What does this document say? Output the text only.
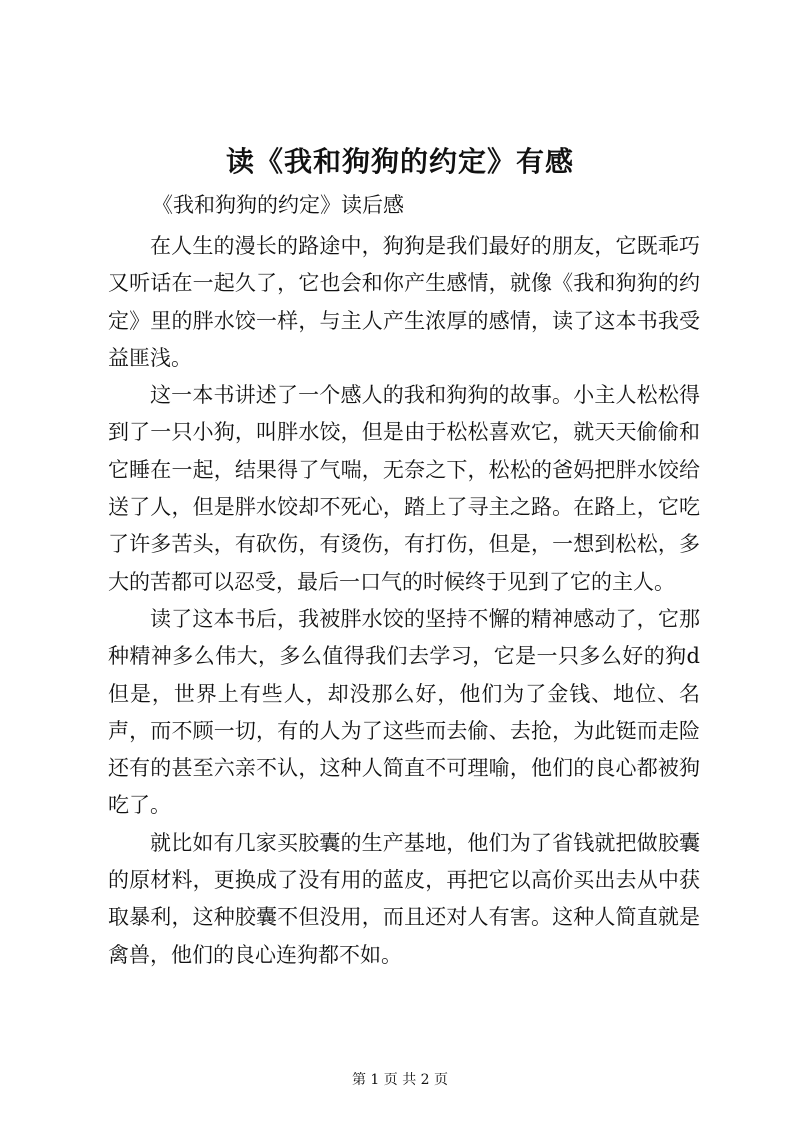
读《我和狗狗的约定》有感
《我和狗狗的约定》读后感

在人生的漫长的路途中，狗狗是我们最好的朋友，它既乖巧又听话在一起久了，它也会和你产生感情，就像《我和狗狗的约定》里的胖水饺一样，与主人产生浓厚的感情，读了这本书我受益匪浅。

这一本书讲述了一个感人的我和狗狗的故事。小主人松松得到了一只小狗，叫胖水饺，但是由于松松喜欢它，就天天偷偷和它睡在一起，结果得了气喘，无奈之下，松松的爸妈把胖水饺给送了人，但是胖水饺却不死心，踏上了寻主之路。在路上，它吃了许多苦头，有砍伤，有烫伤，有打伤，但是，一想到松松，多大的苦都可以忍受，最后一口气的时候终于见到了它的主人。

读了这本书后，我被胖水饺的坚持不懈的精神感动了，它那种精神多么伟大，多么值得我们去学习，它是一只多么好的狗d但是，世界上有些人，却没那么好，他们为了金钱、地位、名声，而不顾一切，有的人为了这些而去偷、去抢，为此铤而走险还有的甚至六亲不认，这种人简直不可理喻，他们的良心都被狗吃了。

就比如有几家买胶囊的生产基地，他们为了省钱就把做胶囊的原材料，更换成了没有用的蓝皮，再把它以高价买出去从中获取暴利，这种胶囊不但没用，而且还对人有害。这种人简直就是禽兽，他们的良心连狗都不如。

第 1 页 共 2 页
